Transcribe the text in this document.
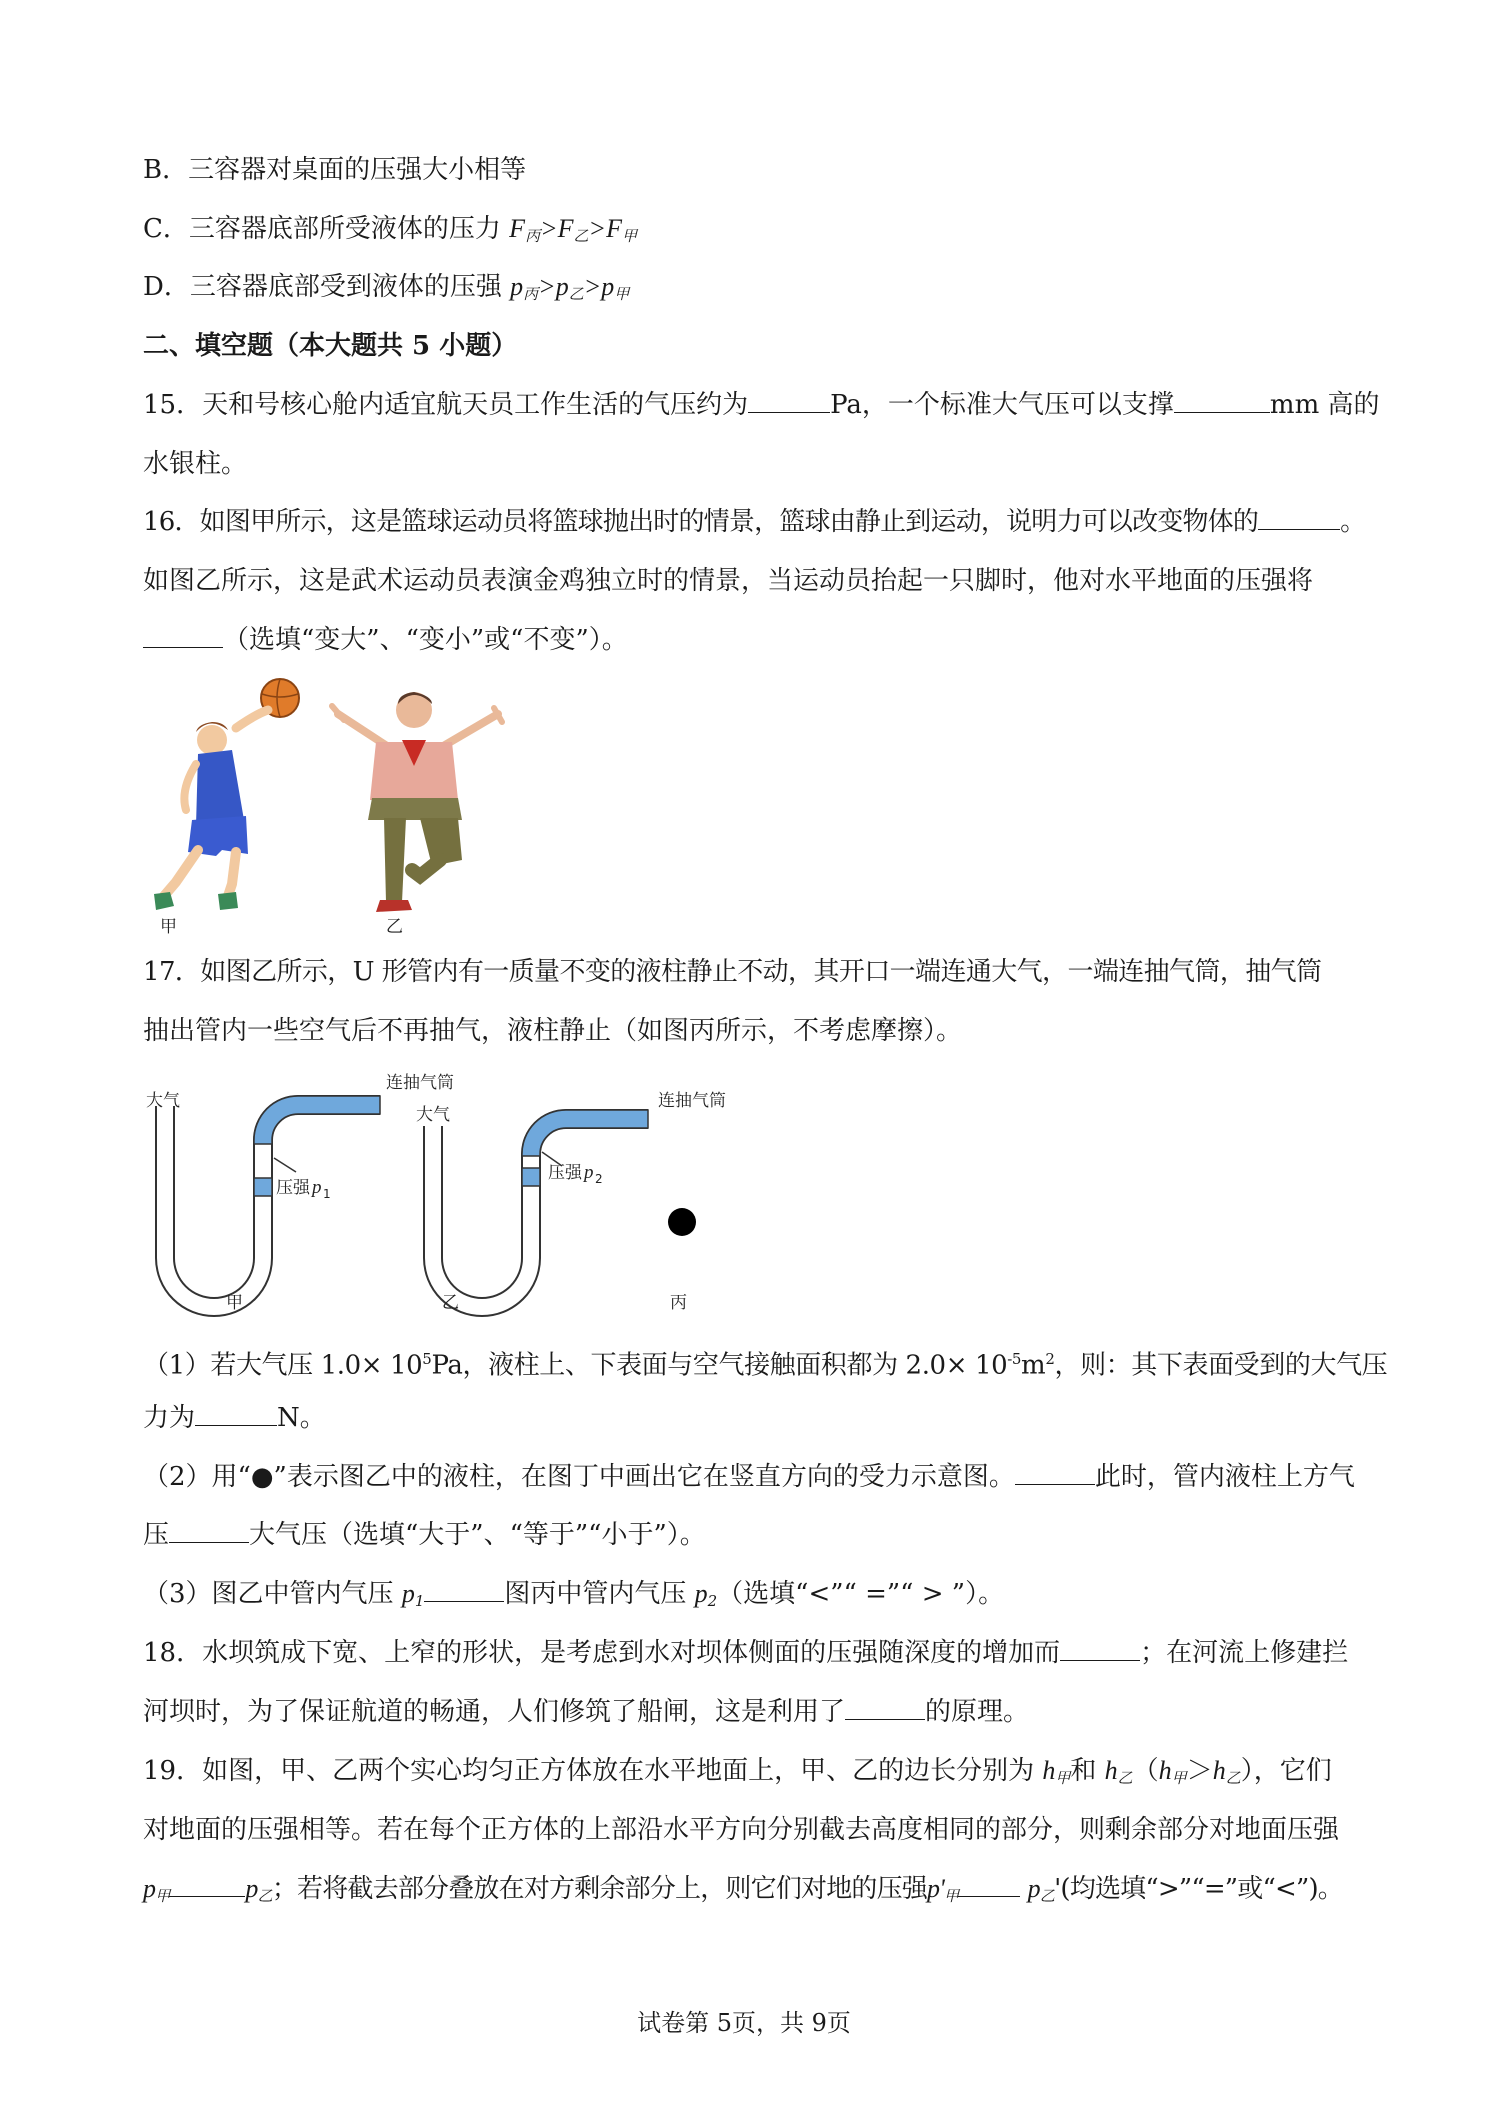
B．三容器对桌面的压强大小相等
C．三容器底部所受液体的压力 $F_丙>F_乙>F_甲$
D．三容器底部受到液体的压强 $p_丙>p_乙>p_甲$
二、填空题（本大题共 5 小题）
15．天和号核心舱内适宜航天员工作生活的气压约为	Pa，一个标准大气压可以支撑	mm 高的
水银柱。
16．如图甲所示，这是篮球运动员将篮球抛出时的情景，篮球由静止到运动，说明力可以改变物体的	。
如图乙所示，这是武术运动员表演金鸡独立时的情景，当运动员抬起一只脚时，他对水平地面的压强将
（选填“变大”、“变小”或“不变”）。
甲	乙
17．如图乙所示，U 形管内有一质量不变的液柱静止不动，其开口一端连通大气，一端连抽气筒，抽气筒
抽出管内一些空气后不再抽气，液柱静止（如图丙所示，不考虑摩擦）。
大气
连抽气筒
压强 p 1
甲
大气
连抽气筒
压强 p 2
乙	丙
（1）若大气压 $1.0\times 10^5Pa$，液柱上、下表面与空气接触面积都为 $2.0\times 10^{-5}m^2$，则：其下表面受到的大气压
力为	N。
（2）用“●”表示图乙中的液柱，在图丁中画出它在竖直方向的受力示意图。	此时，管内液柱上方气
压	大气压（选填“大于”、“等于”“小于”）。
（3）图乙中管内气压 $p_1$	图丙中管内气压 $p_2$（选填“<”“ =”“ > ”）。
18．水坝筑成下宽、上窄的形状，是考虑到水对坝体侧面的压强随深度的增加而	；在河流上修建拦
河坝时，为了保证航道的畅通，人们修筑了船闸，这是利用了	的原理。
19．如图，甲、乙两个实心均匀正方体放在水平地面上，甲、乙的边长分别为 $h_甲$和 $h_乙(h_甲>h_乙)$，它们
对地面的压强相等。若在每个正方体的上部沿水平方向分别截去高度相同的部分，则剩余部分对地面压强
$p_甲$	$p_乙$；若将截去部分叠放在对方剩余部分上，则它们对地的压强$p'_甲$	$p_乙'$(均选填“>”“=”或“<”)。
试卷第 5页，共 9页
